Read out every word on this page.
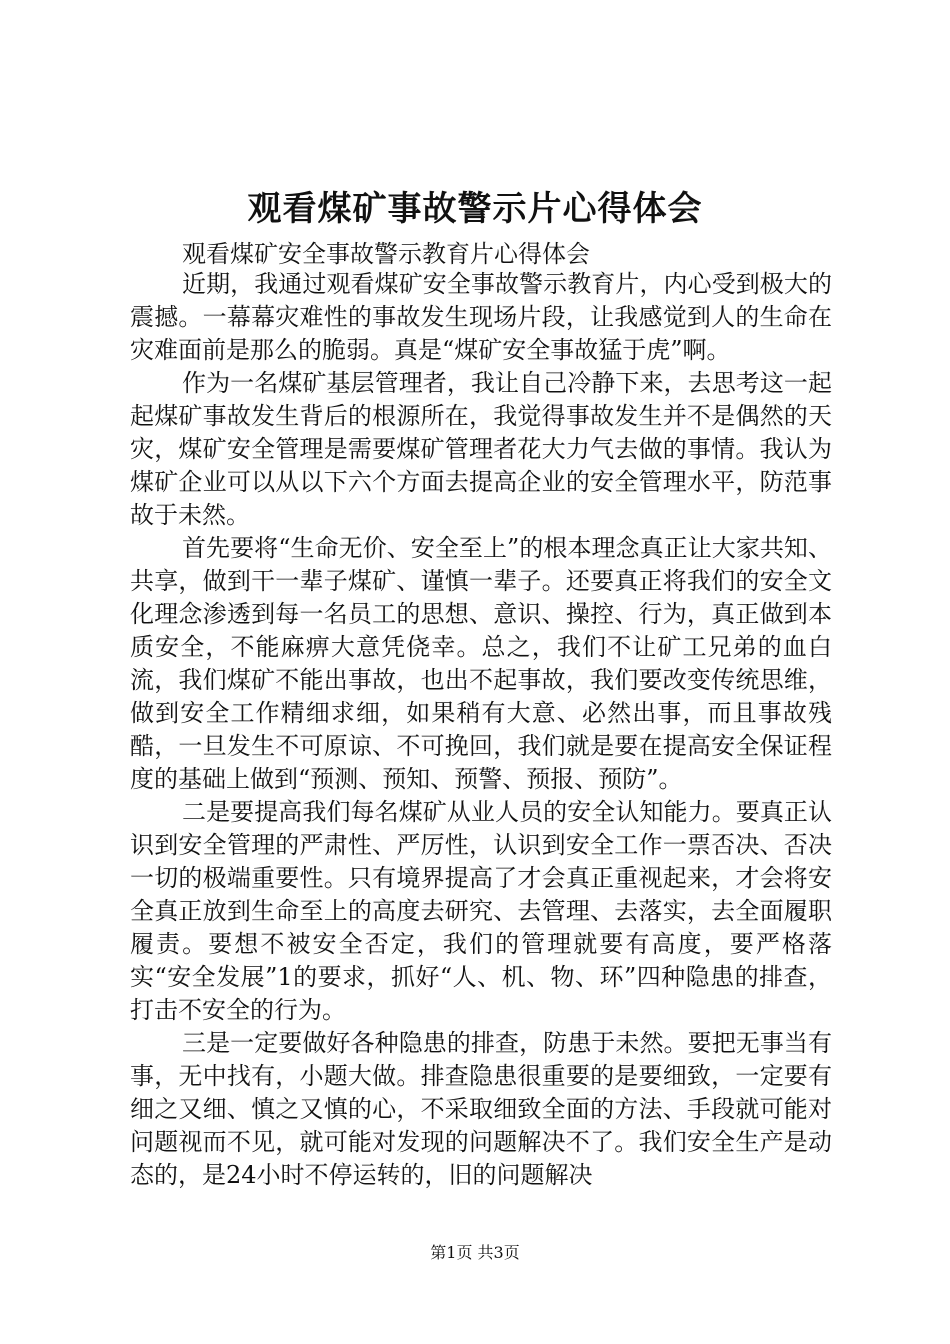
观看煤矿事故警示片心得体会
观看煤矿安全事故警示教育片心得体会

近期，我通过观看煤矿安全事故警示教育片，内心受到极大的震撼。一幕幕灾难性的事故发生现场片段，让我感觉到人的生命在灾难面前是那么的脆弱。真是“煤矿安全事故猛于虎”啊。

作为一名煤矿基层管理者，我让自己冷静下来，去思考这一起起煤矿事故发生背后的根源所在，我觉得事故发生并不是偶然的天灾，煤矿安全管理是需要煤矿管理者花大力气去做的事情。我认为煤矿企业可以从以下六个方面去提高企业的安全管理水平，防范事故于未然。

首先要将“生命无价、安全至上”的根本理念真正让大家共知、共享，做到干一辈子煤矿、谨慎一辈子。还要真正将我们的安全文化理念渗透到每一名员工的思想、意识、操控、行为，真正做到本质安全，不能麻痹大意凭侥幸。总之，我们不让矿工兄弟的血白流，我们煤矿不能出事故，也出不起事故，我们要改变传统思维，做到安全工作精细求细，如果稍有大意、必然出事，而且事故残酷，一旦发生不可原谅、不可挽回，我们就是要在提高安全保证程度的基础上做到“预测、预知、预警、预报、预防”。

二是要提高我们每名煤矿从业人员的安全认知能力。要真正认识到安全管理的严肃性、严厉性，认识到安全工作一票否决、否决一切的极端重要性。只有境界提高了才会真正重视起来，才会将安全真正放到生命至上的高度去研究、去管理、去落实，去全面履职履责。要想不被安全否定，我们的管理就要有高度，要严格落实“安全发展”1的要求，抓好“人、机、物、环”四种隐患的排查，打击不安全的行为。

三是一定要做好各种隐患的排查，防患于未然。要把无事当有事，无中找有，小题大做。排查隐患很重要的是要细致，一定要有细之又细、慎之又慎的心，不采取细致全面的方法、手段就可能对问题视而不见，就可能对发现的问题解决不了。我们安全生产是动态的，是24小时不停运转的，旧的问题解决

第1页 共3页
